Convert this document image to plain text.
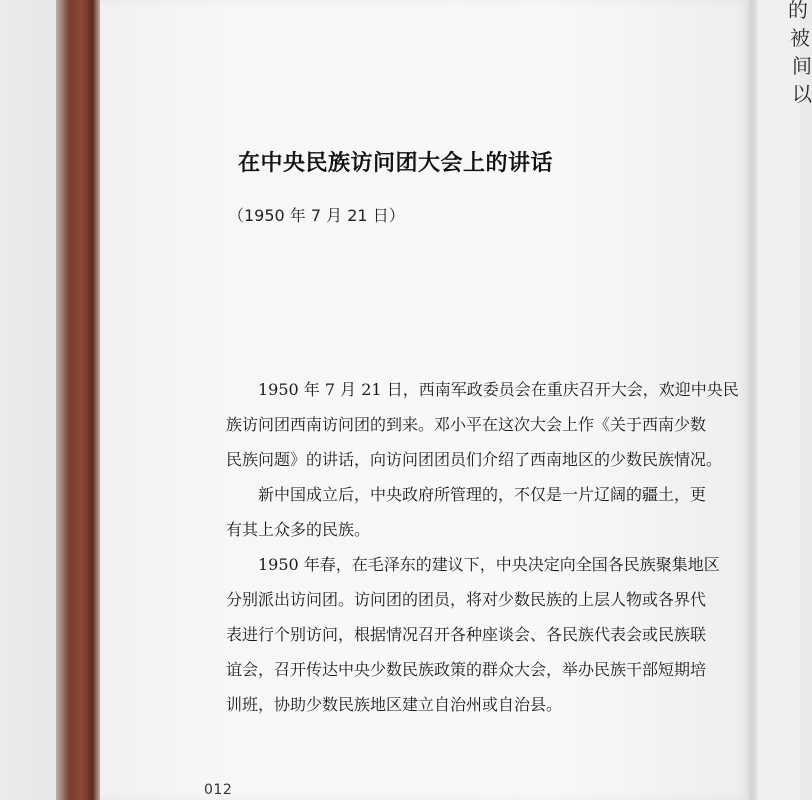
的
被
间
以
在中央民族访问团大会上的讲话
（1950 年 7 月 21 日）
1950 年 7 月 21 日，西南军政委员会在重庆召开大会，欢迎中央民
族访问团西南访问团的到来。邓小平在这次大会上作《关于西南少数
民族问题》的讲话，向访问团团员们介绍了西南地区的少数民族情况。
新中国成立后，中央政府所管理的，不仅是一片辽阔的疆土，更
有其上众多的民族。
1950 年春，在毛泽东的建议下，中央决定向全国各民族聚集地区
分别派出访问团。访问团的团员，将对少数民族的上层人物或各界代
表进行个别访问，根据情况召开各种座谈会、各民族代表会或民族联
谊会，召开传达中央少数民族政策的群众大会，举办民族干部短期培
训班，协助少数民族地区建立自治州或自治县。
012
